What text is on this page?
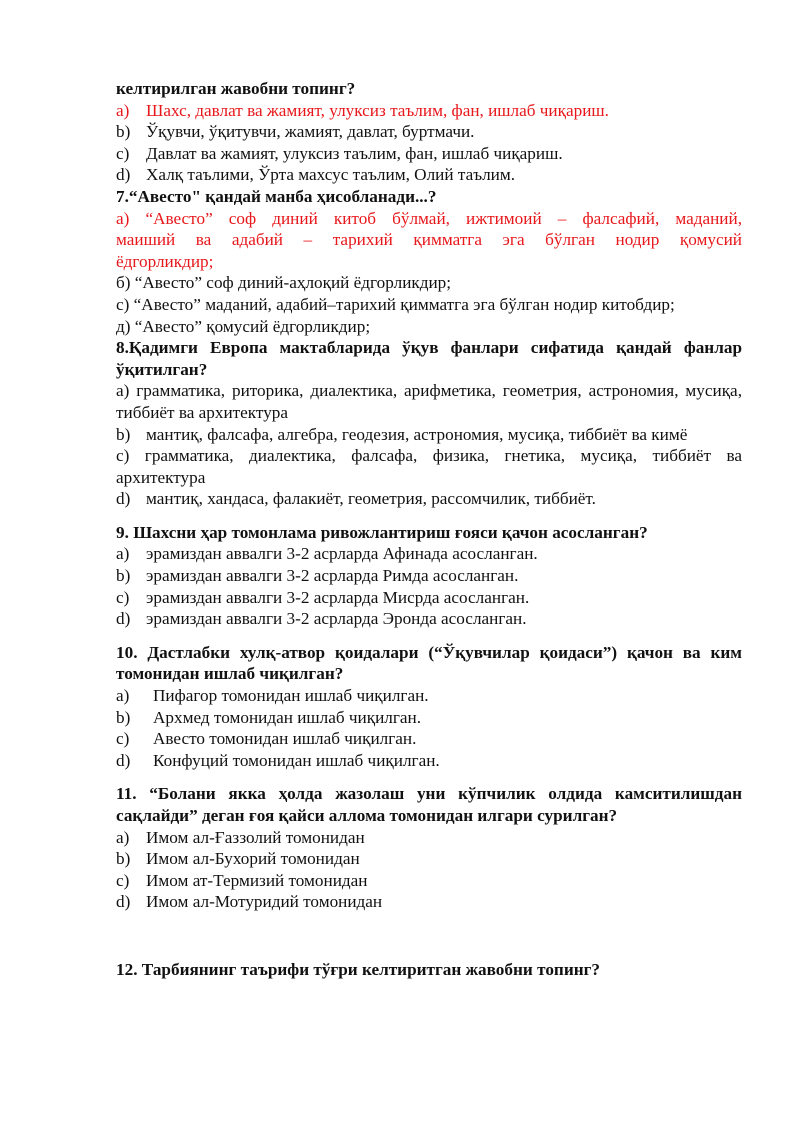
келтирилган жавобни топинг?
a) Шахс, давлат ва жамият, улуксиз таълим, фан, ишлаб чиқариш.
b) Ўқувчи, ўқитувчи, жамият, давлат, буртмачи.
c) Давлат ва жамият, улуксиз таълим, фан, ишлаб чиқариш.
d) Халқ таълими, Ўрта махсус таълим, Олий таълим.
7.“Авесто" қандай манба ҳисобланади...?
а) “Авесто” соф диний китоб бўлмай, ижтимоий – фалсафий, маданий,
маиший ва адабий – тарихий қимматга эга бўлган нодир қомусий
ёдгорликдир;
б) “Авесто” соф диний-аҳлоқий ёдгорликдир;
с) “Авесто” маданий, адабий–тарихий қимматга эга бўлган нодир китобдир;
д) “Авесто” қомусий ёдгорликдир;
8.Қадимги Европа мактабларида ўқув фанлари сифатида қандай фанлар ўқитилган?
a) грамматика, риторика, диалектика, арифметика, геометрия, астрономия, мусиқа, тиббиёт ва архитектура
b) мантиқ, фалсафа, алгебра, геодезия, астрономия, мусиқа, тиббиёт ва кимё
c) грамматика, диалектика, фалсафа, физика, гнетика, мусиқа, тиббиёт ва архитектура
d) мантиқ, хандаса, фалакиёт, геометрия, рассомчилик, тиббиёт.
9. Шахсни ҳар томонлама ривожлантириш ғояси қачон асосланган?
a) эрамиздан аввалги 3-2 асрларда Афинада асосланган.
b) эрамиздан аввалги 3-2 асрларда Римда асосланган.
c) эрамиздан аввалги 3-2 асрларда Мисрда асосланган.
d) эрамиздан аввалги 3-2 асрларда Эронда асосланган.
10. Дастлабки хулқ-атвор қоидалари (“Ўқувчилар қоидаси”) қачон ва ким томонидан ишлаб чиқилган?
a)	Пифагор томонидан ишлаб чиқилган.
b)	Архмед томонидан ишлаб чиқилган.
c)	Авесто томонидан ишлаб чиқилган.
d)	Конфуций томонидан ишлаб чиқилган.
11. “Болани якка ҳолда жазолаш уни кўпчилик олдида камситилишдан сақлайди” деган ғоя қайси аллома томонидан илгари сурилган?
a) Имом ал-Ғаззолий томонидан
b) Имом ал-Бухорий томонидан
c) Имом ат-Термизий томонидан
d) Имом ал-Мотуридий томонидан
12. Тарбиянинг таърифи тўғри келтиритган жавобни топинг?
